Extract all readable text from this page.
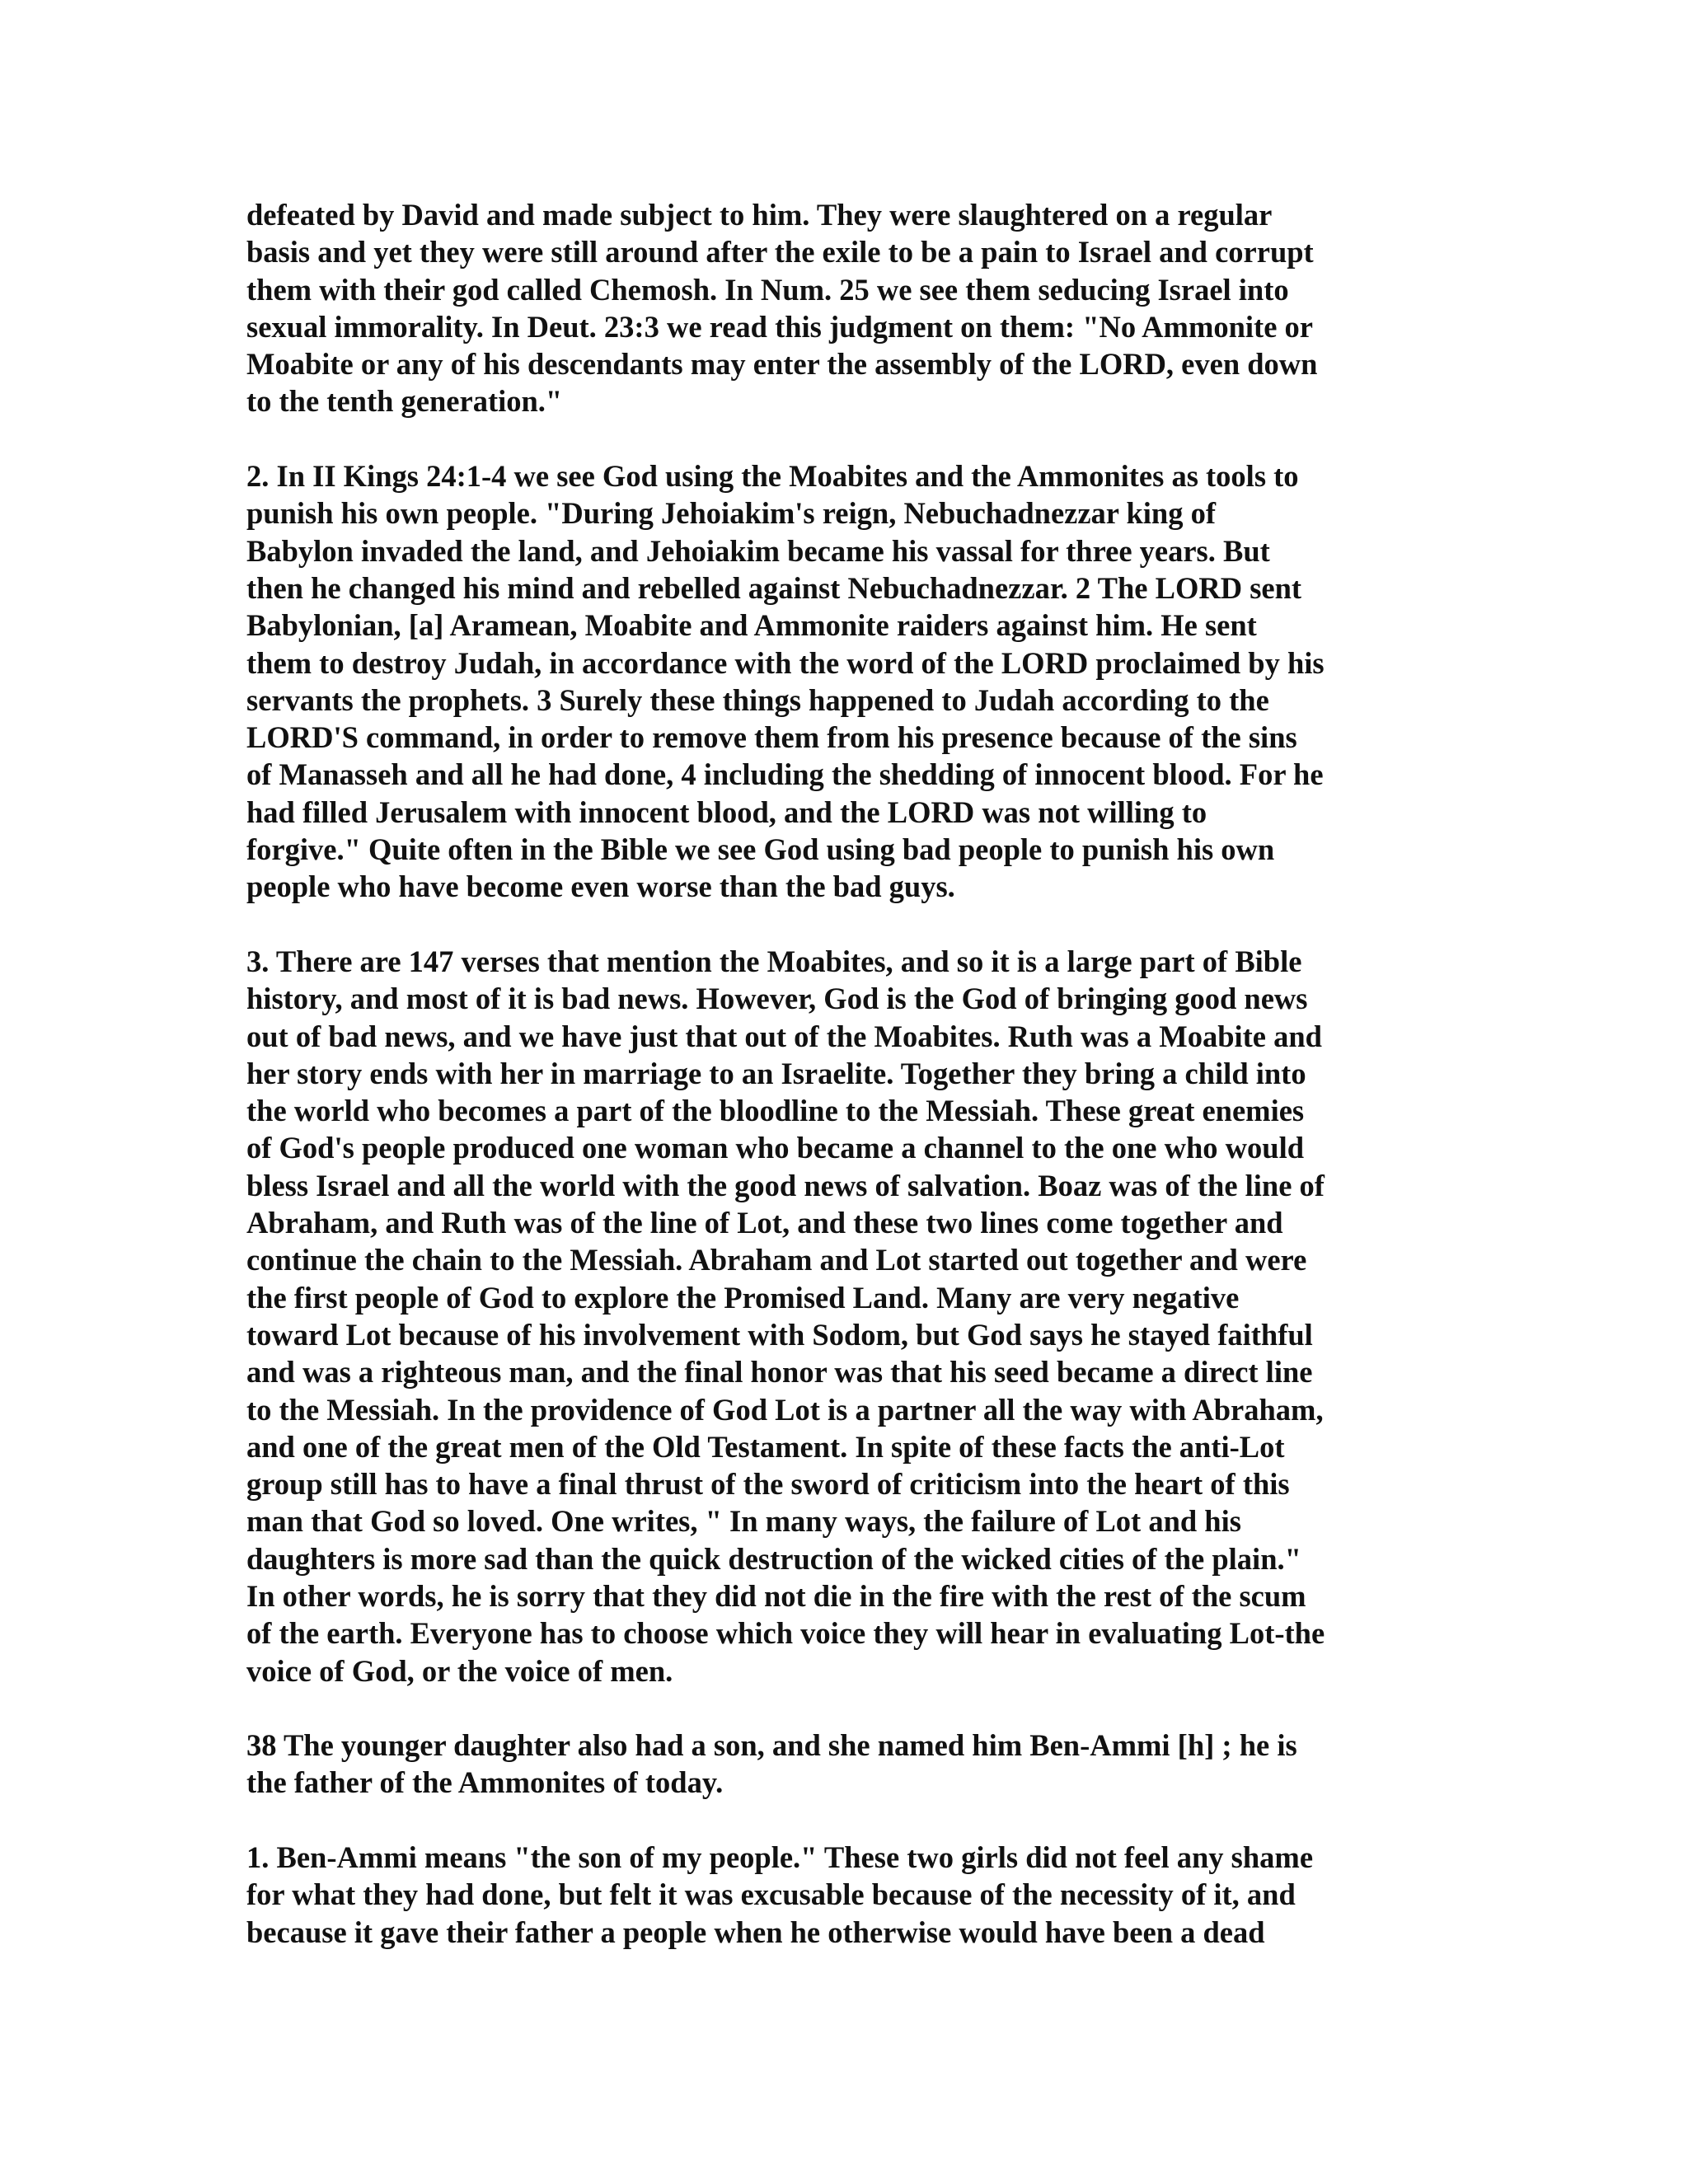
defeated by David and made subject to him. They were slaughtered on a regular
basis and yet they were still around after the exile to be a pain to Israel and corrupt
them with their god called Chemosh. In Num. 25 we see them seducing Israel into
sexual immorality. In Deut. 23:3 we read this judgment on them: "No Ammonite or
Moabite or any of his descendants may enter the assembly of the LORD, even down
to the tenth generation."

2. In II Kings 24:1-4 we see God using the Moabites and the Ammonites as tools to
punish his own people. "During Jehoiakim's reign, Nebuchadnezzar king of
Babylon invaded the land, and Jehoiakim became his vassal for three years. But
then he changed his mind and rebelled against Nebuchadnezzar. 2 The LORD sent
Babylonian, [a] Aramean, Moabite and Ammonite raiders against him. He sent
them to destroy Judah, in accordance with the word of the LORD proclaimed by his
servants the prophets. 3 Surely these things happened to Judah according to the
LORD'S command, in order to remove them from his presence because of the sins
of Manasseh and all he had done, 4 including the shedding of innocent blood. For he
had filled Jerusalem with innocent blood, and the LORD was not willing to
forgive." Quite often in the Bible we see God using bad people to punish his own
people who have become even worse than the bad guys.

3. There are 147 verses that mention the Moabites, and so it is a large part of Bible
history, and most of it is bad news. However, God is the God of bringing good news
out of bad news, and we have just that out of the Moabites. Ruth was a Moabite and
her story ends with her in marriage to an Israelite. Together they bring a child into
the world who becomes a part of the bloodline to the Messiah. These great enemies
of God's people produced one woman who became a channel to the one who would
bless Israel and all the world with the good news of salvation. Boaz was of the line of
Abraham, and Ruth was of the line of Lot, and these two lines come together and
continue the chain to the Messiah. Abraham and Lot started out together and were
the first people of God to explore the Promised Land. Many are very negative
toward Lot because of his involvement with Sodom, but God says he stayed faithful
and was a righteous man, and the final honor was that his seed became a direct line
to the Messiah. In the providence of God Lot is a partner all the way with Abraham,
and one of the great men of the Old Testament. In spite of these facts the anti-Lot
group still has to have a final thrust of the sword of criticism into the heart of this
man that God so loved. One writes, " In many ways, the failure of Lot and his
daughters is more sad than the quick destruction of the wicked cities of the plain."
In other words, he is sorry that they did not die in the fire with the rest of the scum
of the earth. Everyone has to choose which voice they will hear in evaluating Lot-the
voice of God, or the voice of men.

38 The younger daughter also had a son, and she named him Ben-Ammi [h] ; he is
the father of the Ammonites of today.

1. Ben-Ammi means "the son of my people." These two girls did not feel any shame
for what they had done, but felt it was excusable because of the necessity of it, and
because it gave their father a people when he otherwise would have been a dead
